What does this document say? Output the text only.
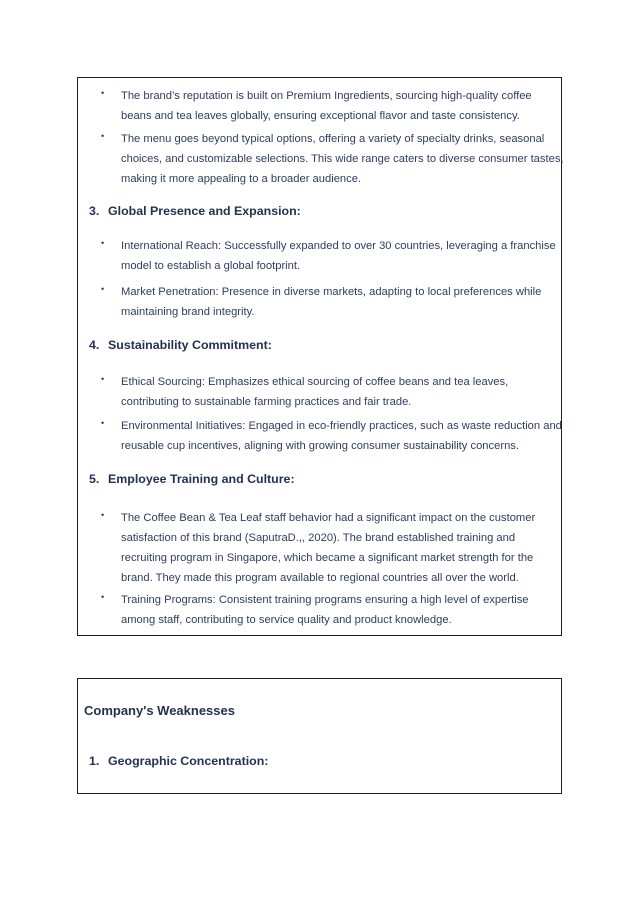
• The brand’s reputation is built on Premium Ingredients, sourcing high-quality coffee
beans and tea leaves globally, ensuring exceptional flavor and taste consistency.
• The menu goes beyond typical options, offering a variety of specialty drinks, seasonal
choices, and customizable selections. This wide range caters to diverse consumer tastes,
making it more appealing to a broader audience.
3. Global Presence and Expansion:
• International Reach: Successfully expanded to over 30 countries, leveraging a franchise
model to establish a global footprint.
• Market Penetration: Presence in diverse markets, adapting to local preferences while
maintaining brand integrity.
4. Sustainability Commitment:
• Ethical Sourcing: Emphasizes ethical sourcing of coffee beans and tea leaves,
contributing to sustainable farming practices and fair trade.
• Environmental Initiatives: Engaged in eco-friendly practices, such as waste reduction and
reusable cup incentives, aligning with growing consumer sustainability concerns.
5. Employee Training and Culture:
• The Coffee Bean & Tea Leaf staff behavior had a significant impact on the customer
satisfaction of this brand (SaputraD.,, 2020). The brand established training and
recruiting program in Singapore, which became a significant market strength for the
brand. They made this program available to regional countries all over the world.
• Training Programs: Consistent training programs ensuring a high level of expertise
among staff, contributing to service quality and product knowledge.
Company's Weaknesses
1. Geographic Concentration:
